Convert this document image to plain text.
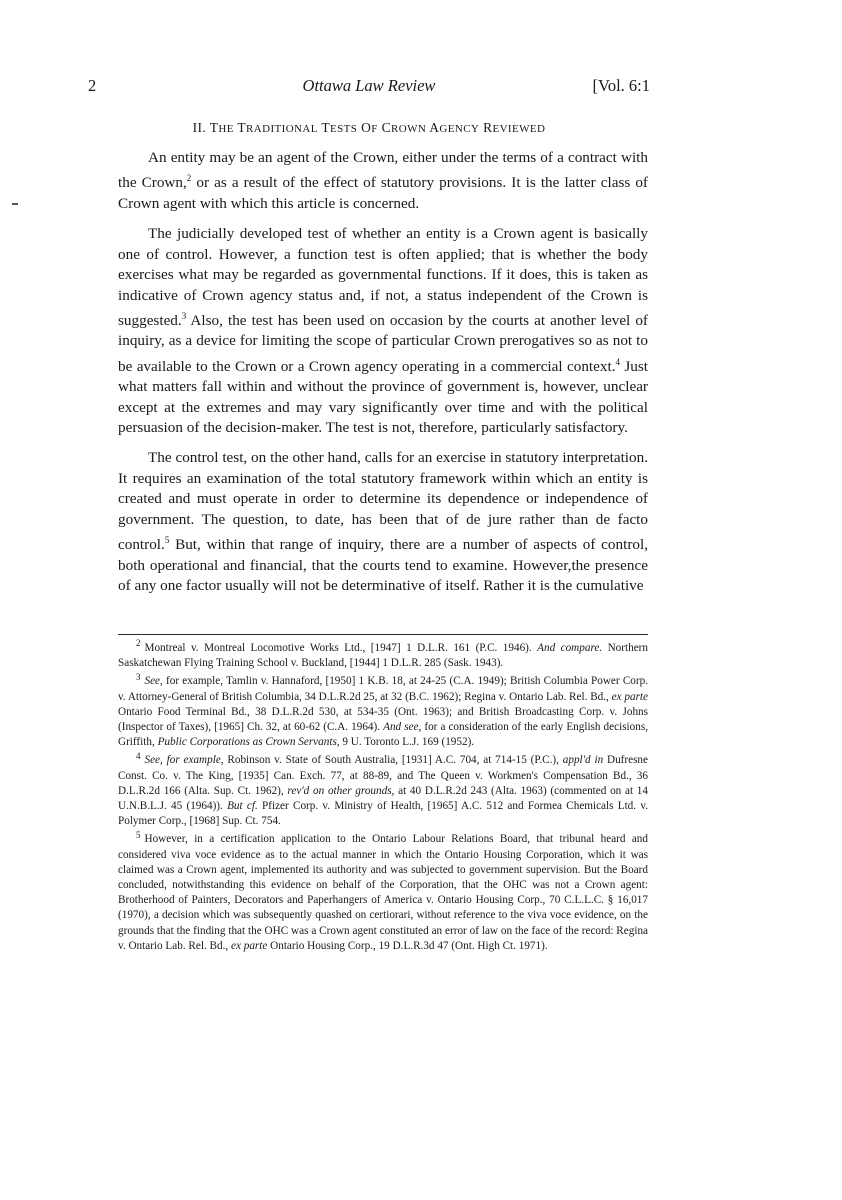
2	Ottawa Law Review	[Vol. 6:1
II. THE TRADITIONAL TESTS OF CROWN AGENCY REVIEWED

An entity may be an agent of the Crown, either under the terms of a contract with the Crown,$^2$ or as a result of the effect of statutory provisions. It is the latter class of Crown agent with which this article is concerned.

The judicially developed test of whether an entity is a Crown agent is basically one of control. However, a function test is often applied; that is whether the body exercises what may be regarded as governmental functions. If it does, this is taken as indicative of Crown agency status and, if not, a status independent of the Crown is suggested.$^3$ Also, the test has been used on occasion by the courts at another level of inquiry, as a device for limiting the scope of particular Crown prerogatives so as not to be available to the Crown or a Crown agency operating in a commercial context.$^4$ Just what matters fall within and without the province of government is, however, unclear except at the extremes and may vary significantly over time and with the political persuasion of the decision-maker. The test is not, therefore, particularly satisfactory.

The control test, on the other hand, calls for an exercise in statutory interpretation. It requires an examination of the total statutory framework within which an entity is created and must operate in order to determine its dependence or independence of government. The question, to date, has been that of de jure rather than de facto control.$^5$ But, within that range of inquiry, there are a number of aspects of control, both operational and financial, that the courts tend to examine. However,the presence of any one factor usually will not be determinative of itself. Rather it is the cumulative

$^2$ Montreal v. Montreal Locomotive Works Ltd., [1947] 1 D.L.R. 161 (P.C. 1946). And compare. Northern Saskatchewan Flying Training School v. Buckland, [1944] 1 D.L.R. 285 (Sask. 1943).

$^3$ See, for example, Tamlin v. Hannaford, [1950] 1 K.B. 18, at 24-25 (C.A. 1949); British Columbia Power Corp. v. Attorney-General of British Columbia, 34 D.L.R.2d 25, at 32 (B.C. 1962); Regina v. Ontario Lab. Rel. Bd., ex parte Ontario Food Terminal Bd., 38 D.L.R.2d 530, at 534-35 (Ont. 1963); and British Broadcasting Corp. v. Johns (Inspector of Taxes), [1965] Ch. 32, at 60-62 (C.A. 1964). And see, for a consideration of the early English decisions, Griffith, Public Corporations as Crown Servants, 9 U. Toronto L.J. 169 (1952).

$^4$ See, for example, Robinson v. State of South Australia, [1931] A.C. 704, at 714-15 (P.C.), appl'd in Dufresne Const. Co. v. The King, [1935] Can. Exch. 77, at 88-89, and The Queen v. Workmen's Compensation Bd., 36 D.L.R.2d 166 (Alta. Sup. Ct. 1962), rev'd on other grounds, at 40 D.L.R.2d 243 (Alta. 1963) (commented on at 14 U.N.B.L.J. 45 (1964)). But cf. Pfizer Corp. v. Ministry of Health, [1965] A.C. 512 and Formea Chemicals Ltd. v. Polymer Corp., [1968] Sup. Ct. 754.

$^5$ However, in a certification application to the Ontario Labour Relations Board, that tribunal heard and considered viva voce evidence as to the actual manner in which the Ontario Housing Corporation, which it was claimed was a Crown agent, implemented its authority and was subjected to government supervision. But the Board concluded, notwithstanding this evidence on behalf of the Corporation, that the OHC was not a Crown agent: Brotherhood of Painters, Decorators and Paperhangers of America v. Ontario Housing Corp., 70 C.L.L.C. § 16,017 (1970), a decision which was subsequently quashed on certiorari, without reference to the viva voce evidence, on the grounds that the finding that the OHC was a Crown agent constituted an error of law on the face of the record: Regina v. Ontario Lab. Rel. Bd., ex parte Ontario Housing Corp., 19 D.L.R.3d 47 (Ont. High Ct. 1971).
